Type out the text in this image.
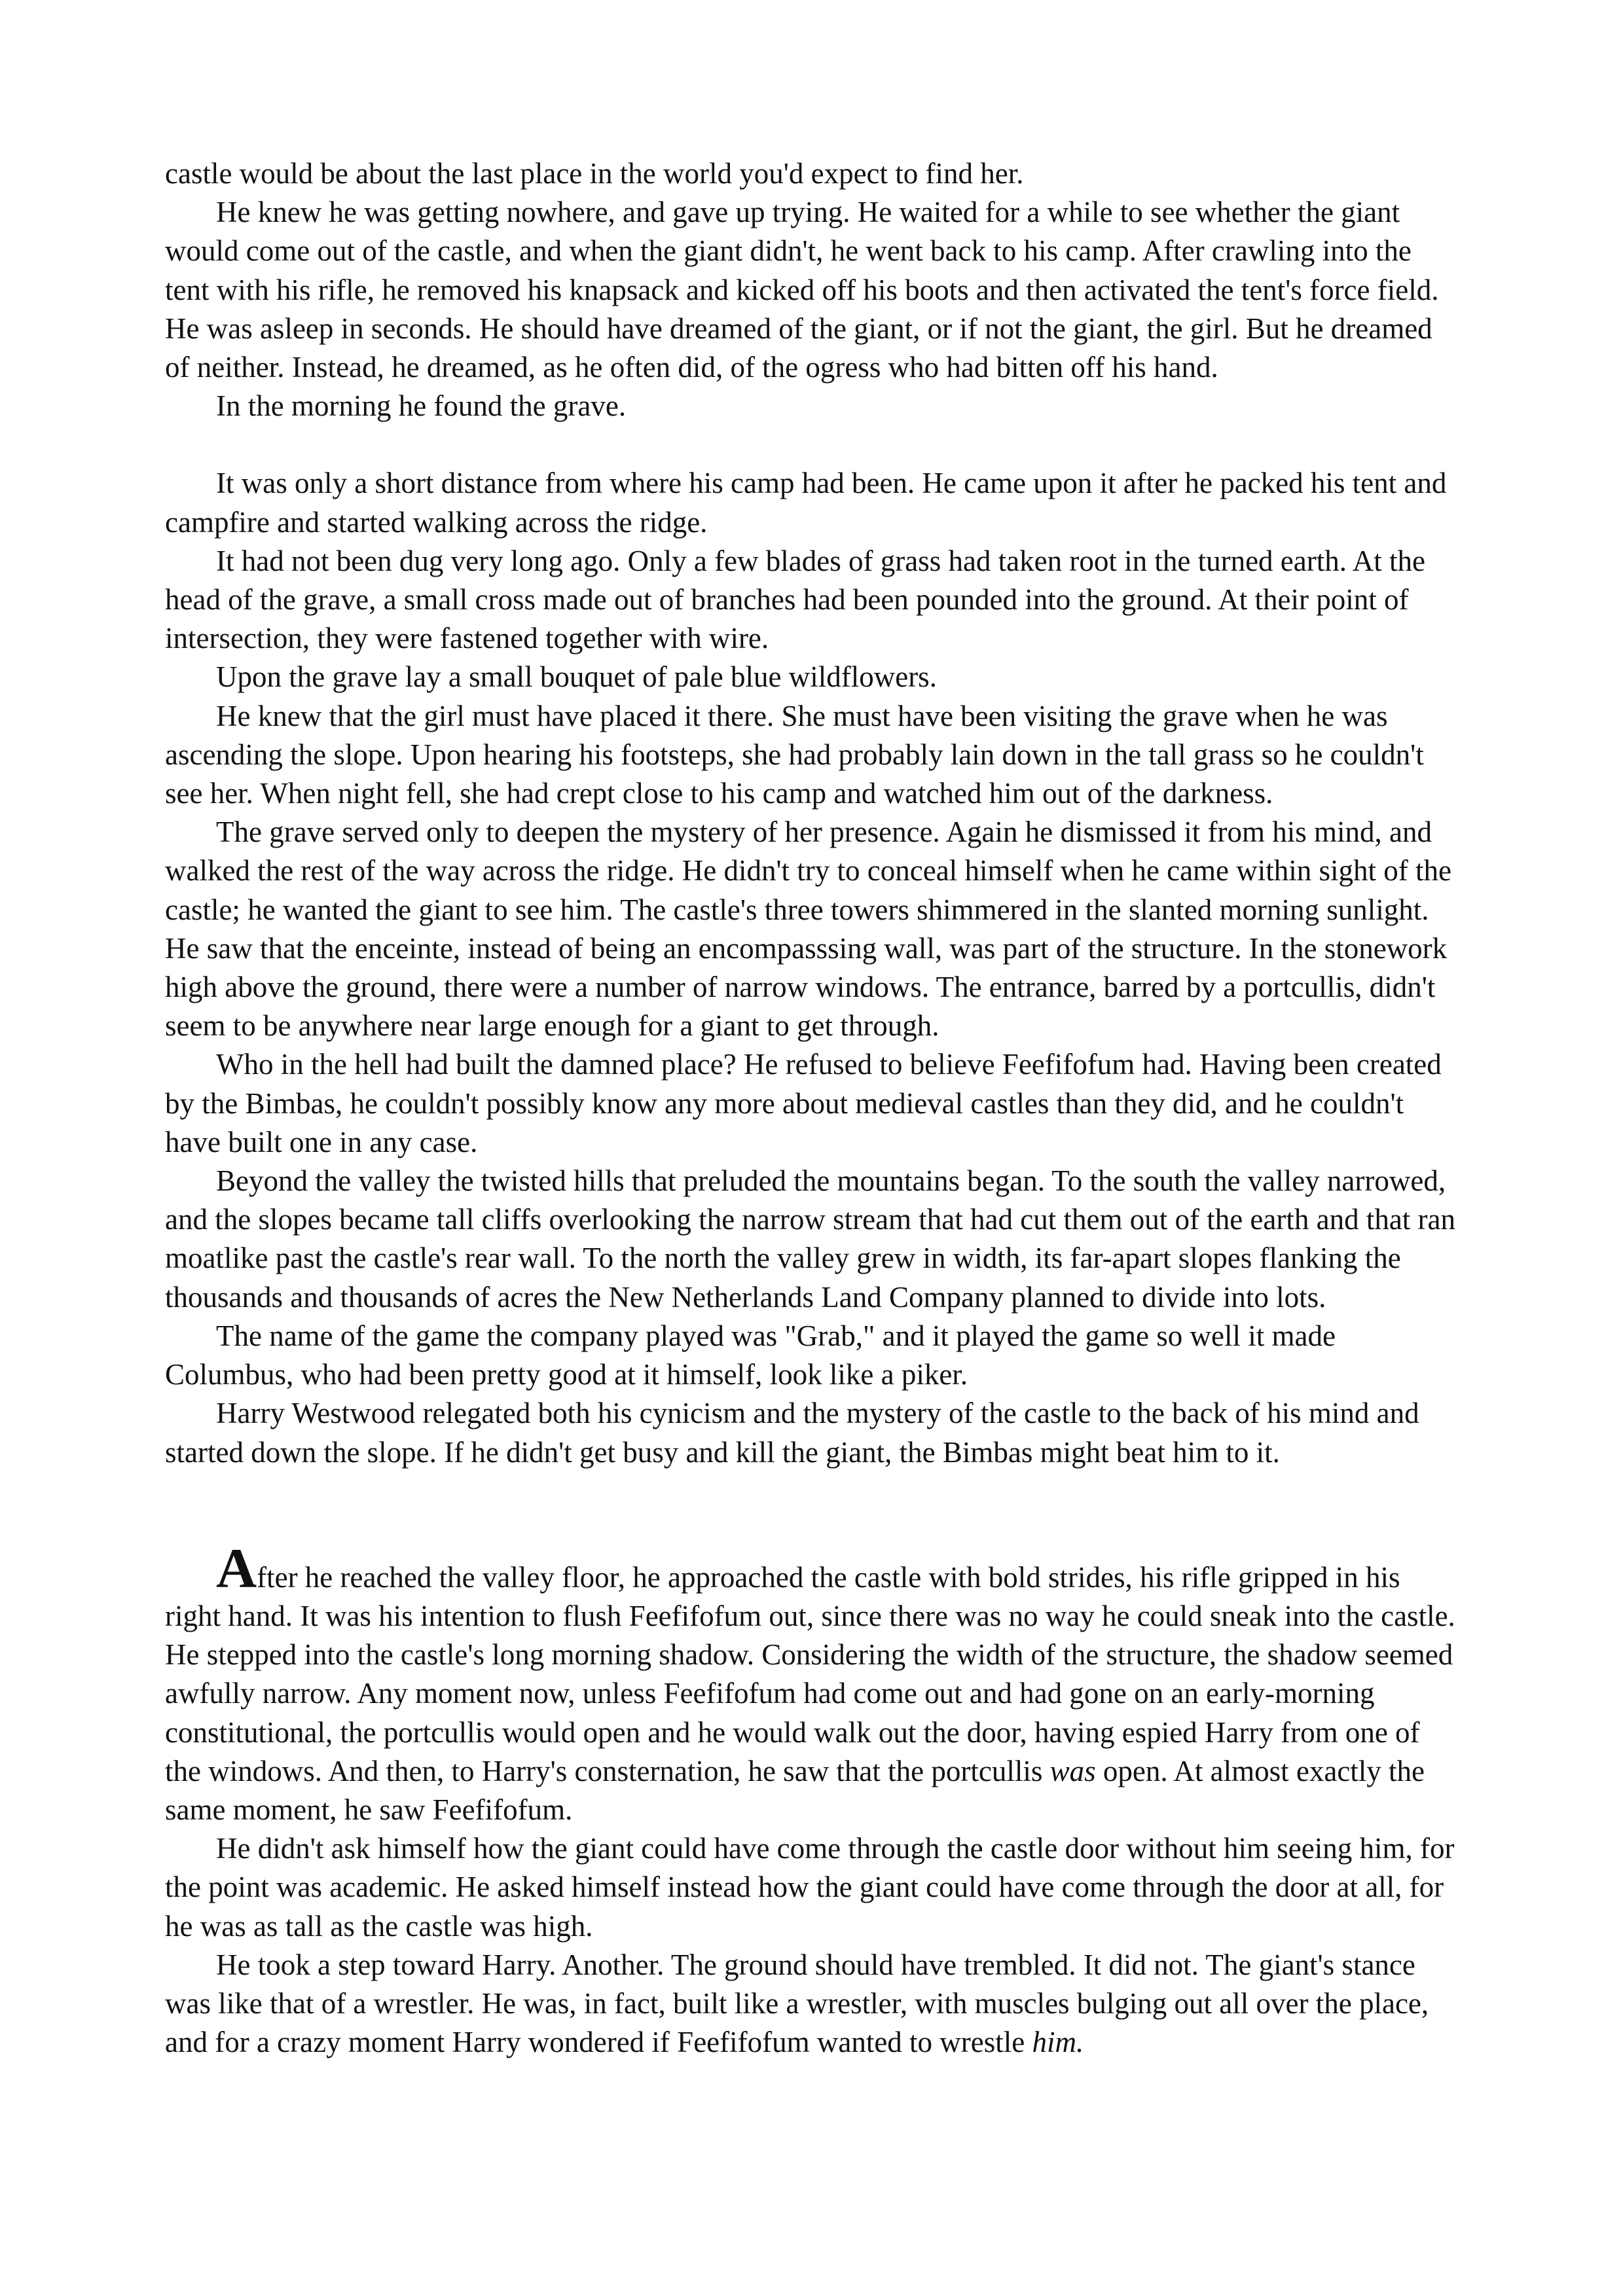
castle would be about the last place in the world you'd expect to find her.

He knew he was getting nowhere, and gave up trying. He waited for a while to see whether the giant would come out of the castle, and when the giant didn't, he went back to his camp. After crawling into the tent with his rifle, he removed his knapsack and kicked off his boots and then activated the tent's force field. He was asleep in seconds. He should have dreamed of the giant, or if not the giant, the girl. But he dreamed of neither. Instead, he dreamed, as he often did, of the ogress who had bitten off his hand.

In the morning he found the grave.

It was only a short distance from where his camp had been. He came upon it after he packed his tent and campfire and started walking across the ridge.

It had not been dug very long ago. Only a few blades of grass had taken root in the turned earth. At the head of the grave, a small cross made out of branches had been pounded into the ground. At their point of intersection, they were fastened together with wire.

Upon the grave lay a small bouquet of pale blue wildflowers.

He knew that the girl must have placed it there. She must have been visiting the grave when he was ascending the slope. Upon hearing his footsteps, she had probably lain down in the tall grass so he couldn't see her. When night fell, she had crept close to his camp and watched him out of the darkness.

The grave served only to deepen the mystery of her presence. Again he dismissed it from his mind, and walked the rest of the way across the ridge. He didn't try to conceal himself when he came within sight of the castle; he wanted the giant to see him. The castle's three towers shimmered in the slanted morning sunlight. He saw that the enceinte, instead of being an encompasssing wall, was part of the structure. In the stonework high above the ground, there were a number of narrow windows. The entrance, barred by a portcullis, didn't seem to be anywhere near large enough for a giant to get through.

Who in the hell had built the damned place? He refused to believe Feefifofum had. Having been created by the Bimbas, he couldn't possibly know any more about medieval castles than they did, and he couldn't have built one in any case.

Beyond the valley the twisted hills that preluded the mountains began. To the south the valley narrowed, and the slopes became tall cliffs overlooking the narrow stream that had cut them out of the earth and that ran moatlike past the castle's rear wall. To the north the valley grew in width, its far-apart slopes flanking the thousands and thousands of acres the New Netherlands Land Company planned to divide into lots.

The name of the game the company played was "Grab," and it played the game so well it made Columbus, who had been pretty good at it himself, look like a piker.

Harry Westwood relegated both his cynicism and the mystery of the castle to the back of his mind and started down the slope. If he didn't get busy and kill the giant, the Bimbas might beat him to it.

After he reached the valley floor, he approached the castle with bold strides, his rifle gripped in his right hand. It was his intention to flush Feefifofum out, since there was no way he could sneak into the castle. He stepped into the castle's long morning shadow. Considering the width of the structure, the shadow seemed awfully narrow. Any moment now, unless Feefifofum had come out and had gone on an early-morning constitutional, the portcullis would open and he would walk out the door, having espied Harry from one of the windows. And then, to Harry's consternation, he saw that the portcullis was open. At almost exactly the same moment, he saw Feefifofum.

He didn't ask himself how the giant could have come through the castle door without him seeing him, for the point was academic. He asked himself instead how the giant could have come through the door at all, for he was as tall as the castle was high.

He took a step toward Harry. Another. The ground should have trembled. It did not. The giant's stance was like that of a wrestler. He was, in fact, built like a wrestler, with muscles bulging out all over the place, and for a crazy moment Harry wondered if Feefifofum wanted to wrestle him.
